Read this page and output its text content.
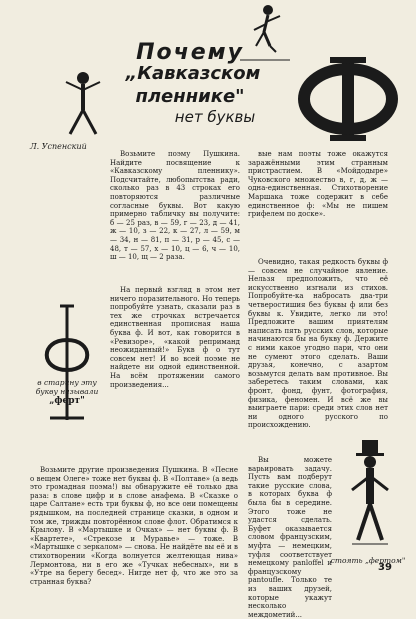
Почему
„Кавказском
пленнике"
нет буквы
Л. Успенский

Возьмите поэму Пушкина. Найдите посвящение к «Кавказскому пленнику». Подсчитайте, любопытства ради, сколько раз в 43 строках его повторяются различные согласные буквы. Вот какую примерно табличку вы получите: б — 25 раз, в — 59, г — 23, д — 41, ж — 10, з — 22, к — 27, л — 59, м — 34, н — 81, п — 31, р — 45, с — 48, т — 57, х — 10, ц — 6, ч — 10, ш — 10, щ — 2 раза.

На первый взгляд в этом нет ничего поразительного. Но теперь попробуйте узнать, сказали раз в тех же строчках встречается единственная прописная наша буква ф. И вот, как говорится в «Ревизоре», «какой реприманд неожиданный!» Букв ф о тут совсем нет! И во всей поэме не найдете ни одной единственной. На всём протяжении самого произведения...

в старину эту букву называли
„ферт"

Возьмите другие произведения Пушкина. В «Песне о вещем Олеге» тоже нет буквы ф. В «Полтаве» (а ведь это громадная поэма!) вы обнаружите её только два раза: в слове цифр и в слове анафема. В «Сказке о царе Салтане» есть три буквы ф, но все они помещены рядышком, на последней странице сказки, в одном и том же, трижды повторённом слове флот. Обратимся к Крылову. В «Мартышке и Очках» — нет буквы ф. В «Квартете», «Стрекозе и Муравье» — тоже. В «Мартышке с зеркалом» — снова. Не найдёте вы её и в стихотворении «Когда волнуется желтеющая нива» Лермонтова, ни в его же «Тучках небесных», ни в «Утре на берегу бесед». Нигде нет ф, что же это за странная буква?

вые нам поэты тоже окажутся заражёнными этим странным пристрастием. В «Мойдодыре» Чуковского множество в, г, д, ж — одна-единственная. Стихотворение Маршака тоже содержит в себе единственное ф: «Мы не пишем грифелем по доске».

Очевидно, такая редкость буквы ф — совсем не случайное явление. Нельзя предположить, что её искусственно изгнали из стихов. Попробуйте-ка набросать два-три четверостишия без буквы ф или без буквы к. Увидите, легко ли это! Предложите вашим приятелям написать пять русских слов, которые начинаются бы на букву ф. Держите с ними какое угодно пари, что они не сумеют этого сделать. Ваши друзья, конечно, с азартом возьмутся делать вам противное. Вы заберетесь таким словами, как фронт, фонд, фунт, фотография, физика, феномен. И всё же вы выиграете пари: среди этих слов нет ни одного русского по происхождению.

Вы можете варьировать задачу. Пусть вам подберут такие русские слова, в которых буква ф была бы в середине. Этого тоже не удастся сделать. Буфет оказывается словом французским, муфта — немецким, туфля соответствует немецкому panloffel и французскому pantoufle. Только те из ваших друзей, которые укажут несколько междометий...

стоять „фертом"
39
